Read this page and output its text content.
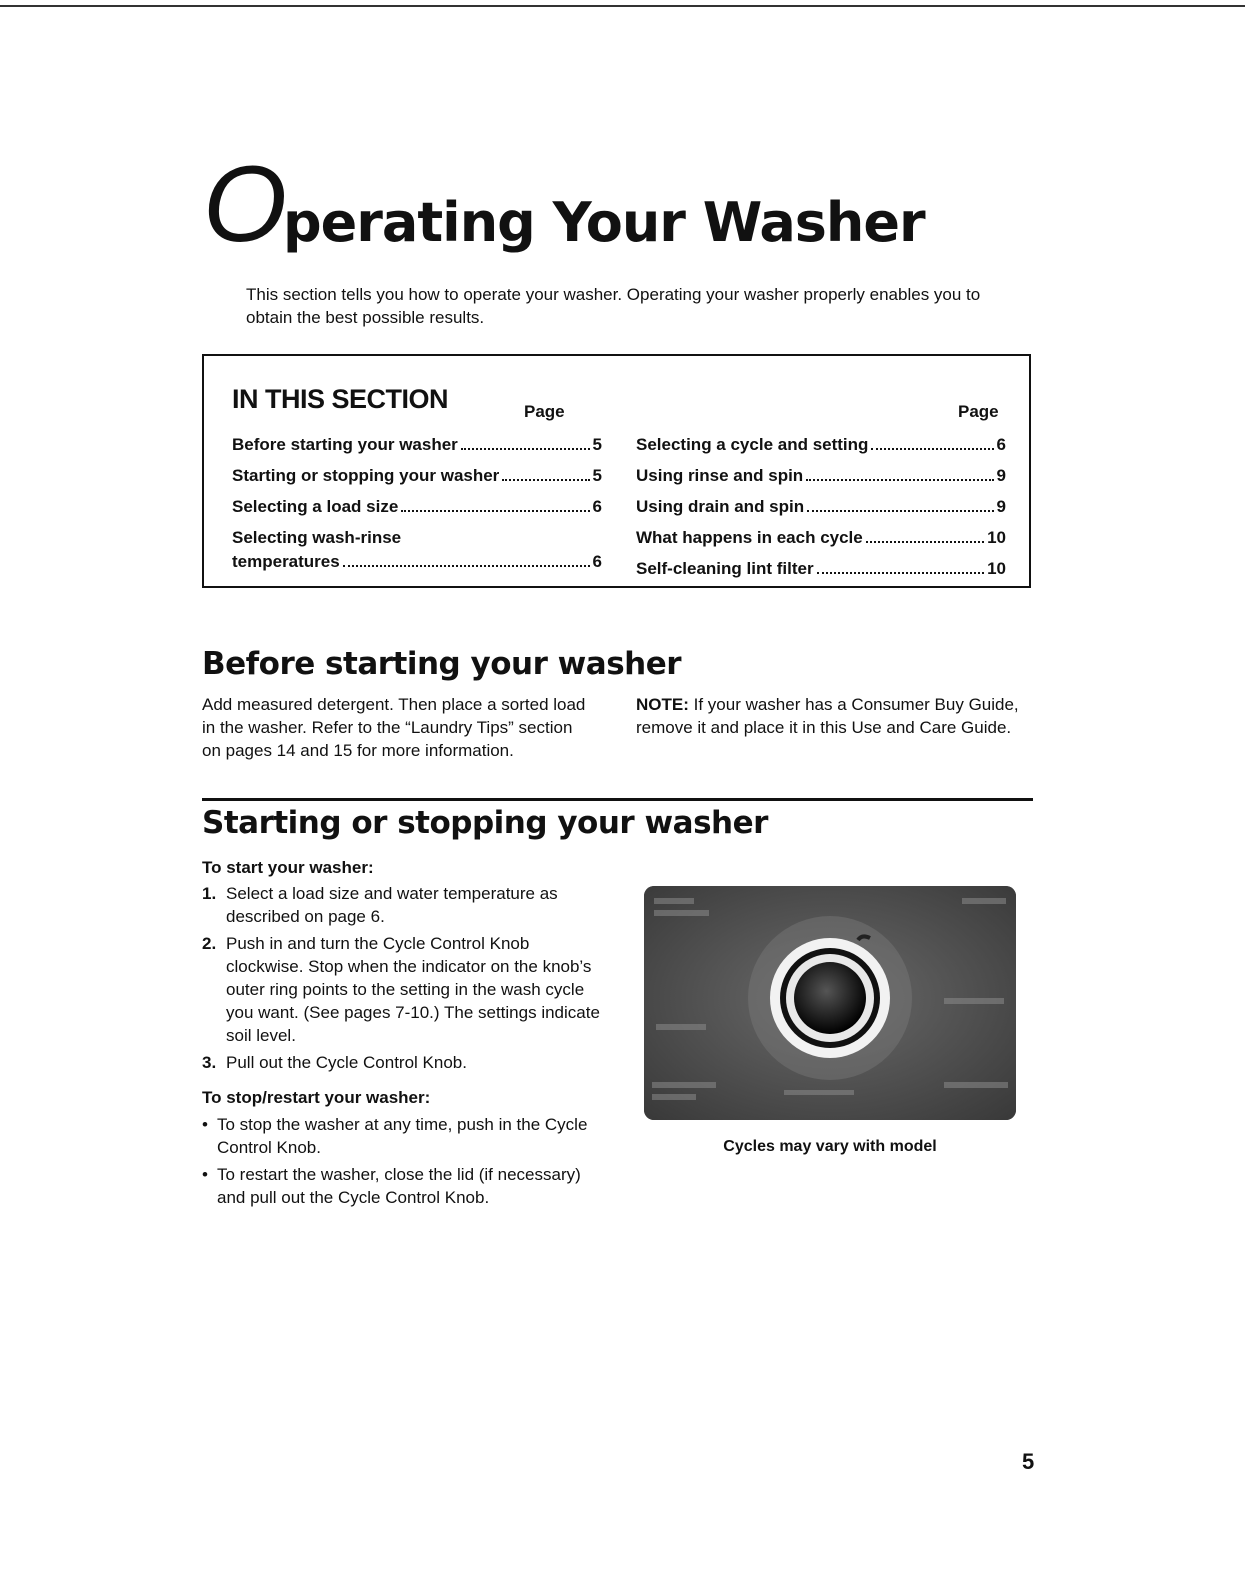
Operating Your Washer
This section tells you how to operate your washer. Operating your washer properly enables you to obtain the best possible results.
IN THIS SECTION	Page	Page
Before starting your washer	5
Starting or stopping your washer	5
Selecting a load size	6
Selecting wash-rinse
temperatures	6
Selecting a cycle and setting	6
Using rinse and spin	9
Using drain and spin	9
What happens in each cycle	10
Self-cleaning lint filter	10
Before starting your washer
Add measured detergent. Then place a sorted load in the washer. Refer to the “Laundry Tips” section on pages 14 and 15 for more information.
NOTE: If your washer has a Consumer Buy Guide, remove it and place it in this Use and Care Guide.
Starting or stopping your washer
To start your washer:
1. Select a load size and water temperature as described on page 6.
2. Push in and turn the Cycle Control Knob clockwise. Stop when the indicator on the knob’s outer ring points to the setting in the wash cycle you want. (See pages 7-10.) The settings indicate soil level.
3. Pull out the Cycle Control Knob.
To stop/restart your washer:
• To stop the washer at any time, push in the Cycle Control Knob.
• To restart the washer, close the lid (if necessary) and pull out the Cycle Control Knob.
Cycles may vary with model
5
